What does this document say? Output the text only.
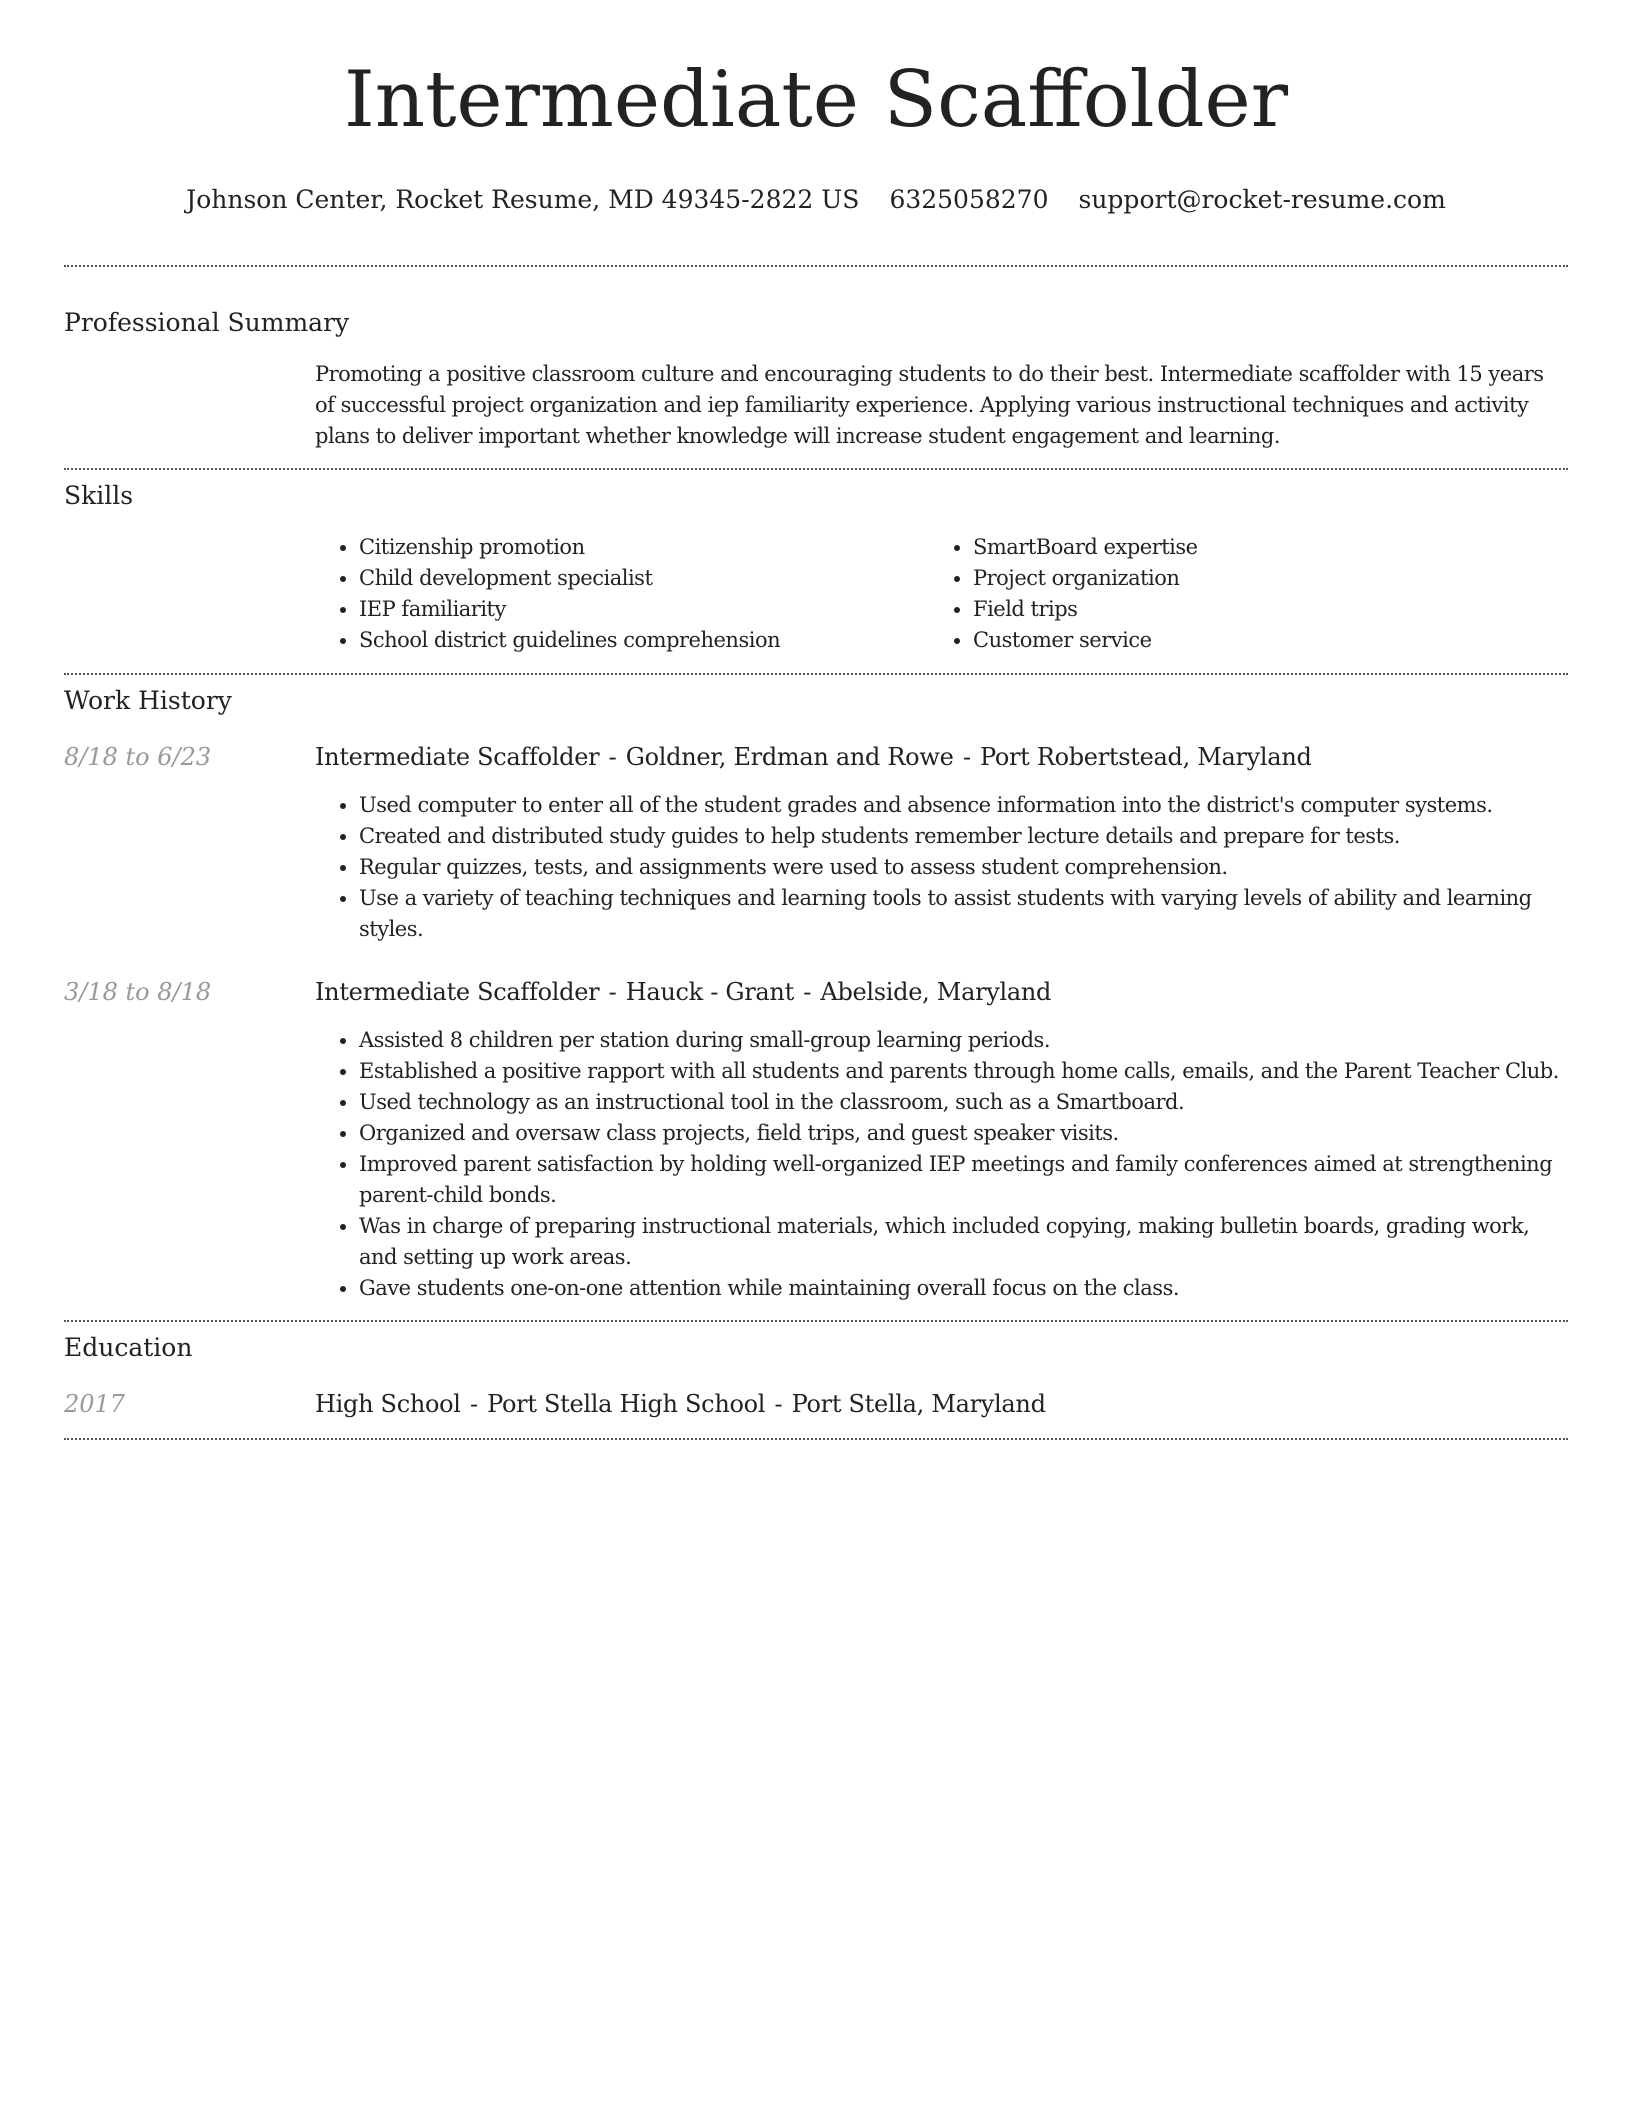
Intermediate Scaffolder
Johnson Center, Rocket Resume, MD 49345-2822 US 6325058270 support@rocket-resume.com
Professional Summary

Promoting a positive classroom culture and encouraging students to do their best. Intermediate scaffolder with 15 years of successful project organization and iep familiarity experience. Applying various instructional techniques and activity plans to deliver important whether knowledge will increase student engagement and learning.

Skills
• Citizenship promotion
• Child development specialist
• IEP familiarity
• School district guidelines comprehension
• SmartBoard expertise
• Project organization
• Field trips
• Customer service
Work History
8/18 to 6/23	Intermediate Scaffolder - Goldner, Erdman and Rowe - Port Robertstead, Maryland
• Used computer to enter all of the student grades and absence information into the district's computer systems.
• Created and distributed study guides to help students remember lecture details and prepare for tests.
• Regular quizzes, tests, and assignments were used to assess student comprehension.
• Use a variety of teaching techniques and learning tools to assist students with varying levels of ability and learning styles.
3/18 to 8/18	Intermediate Scaffolder - Hauck - Grant - Abelside, Maryland
• Assisted 8 children per station during small-group learning periods.
• Established a positive rapport with all students and parents through home calls, emails, and the Parent Teacher Club.
• Used technology as an instructional tool in the classroom, such as a Smartboard.
• Organized and oversaw class projects, field trips, and guest speaker visits.
• Improved parent satisfaction by holding well-organized IEP meetings and family conferences aimed at strengthening parent-child bonds.
• Was in charge of preparing instructional materials, which included copying, making bulletin boards, grading work, and setting up work areas.
• Gave students one-on-one attention while maintaining overall focus on the class.
Education
2017	High School - Port Stella High School - Port Stella, Maryland
